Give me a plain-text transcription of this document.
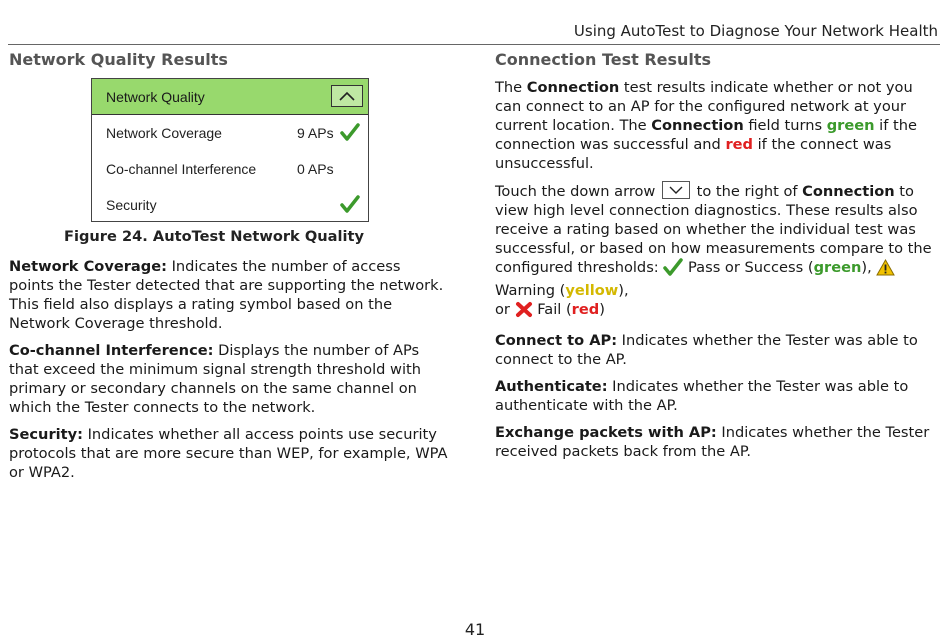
Using AutoTest to Diagnose Your Network Health
Network Quality Results
Network Quality
Network Coverage	9 APs
Co-channel Interference	0 APs
Security
Figure 24. AutoTest Network Quality

Network Coverage: Indicates the number of access points the Tester detected that are supporting the network. This field also displays a rating symbol based on the Network Coverage threshold.

Co-channel Interference: Displays the number of APs that exceed the minimum signal strength threshold with primary or secondary channels on the same channel on which the Tester connects to the network.

Security: Indicates whether all access points use security protocols that are more secure than WEP, for example, WPA or WPA2.

Connection Test Results

The Connection test results indicate whether or not you can connect to an AP for the configured network at your current location. The Connection field turns green if the connection was successful and red if the connect was unsuccessful.

Touch the down arrow
to the right of Connection to view high level connection diagnostics. These results also receive a rating based on whether the individual test was successful, or based on how measurements compare to the configured thresholds:  Pass or Success (green),  Warning (yellow),
or  Fail (red)

Connect to AP: Indicates whether the Tester was able to connect to the AP.

Authenticate: Indicates whether the Tester was able to authenticate with the AP.

Exchange packets with AP: Indicates whether the Tester received packets back from the AP.

41
